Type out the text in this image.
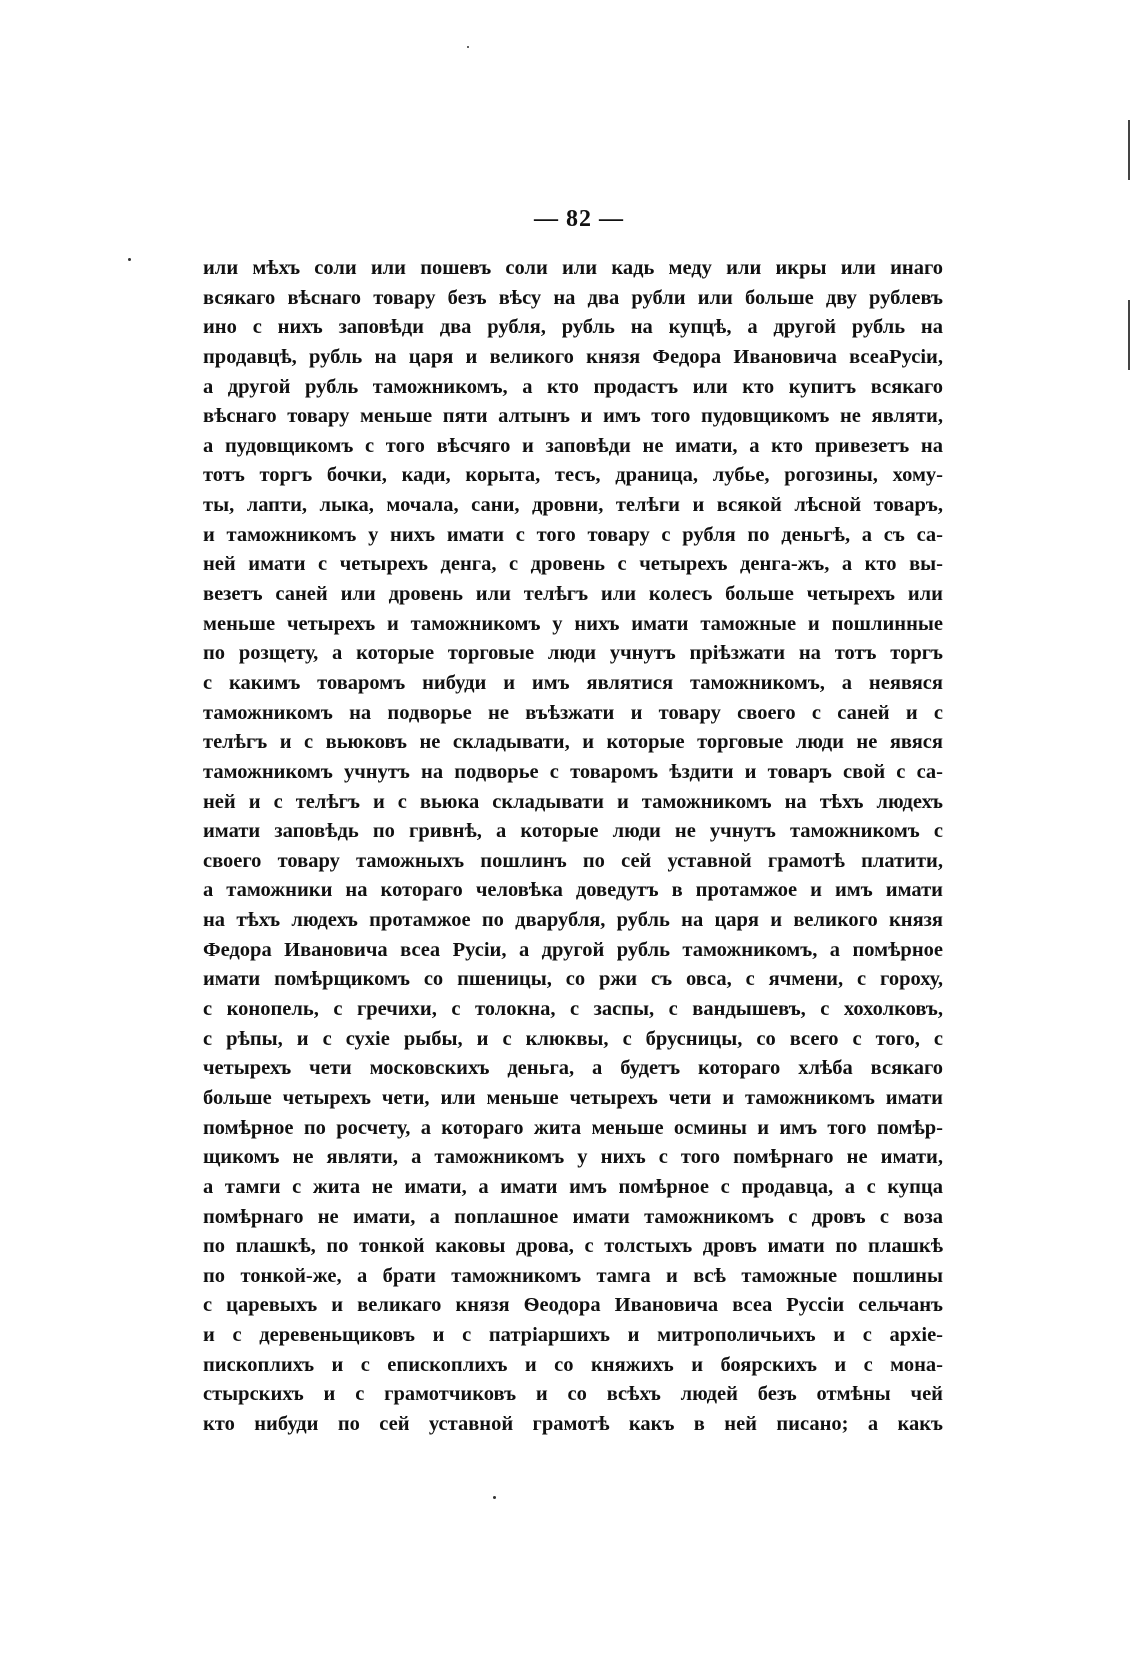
— 82 —
или мѣхъ соли или пошевъ соли или кадь меду или икры или инаго
всякаго вѣснаго товару безъ вѣсу на два рубли или больше дву рублевъ
ино с нихъ заповѣди два рубля, рубль на купцѣ, а другой рубль на
продавцѣ, рубль на царя и великого князя Федора Ивановича всеаРусіи,
а другой рубль таможникомъ, а кто продастъ или кто купитъ всякаго
вѣснаго товару меньше пяти алтынъ и имъ того пудовщикомъ не являти,
а пудовщикомъ с того вѣсчяго и заповѣди не имати, а кто привезетъ на
тотъ торгъ бочки, кади, корыта, тесъ, драница, лубье, рогозины, хому-
ты, лапти, лыка, мочала, сани, дровни, телѣги и всякой лѣсной товаръ,
и таможникомъ у нихъ имати с того товару с рубля по деньгѣ, а съ са-
ней имати с четырехъ денга, с дровень с четырехъ денга-жъ, а кто вы-
везетъ саней или дровень или телѣгъ или колесъ больше четырехъ или
меньше четырехъ и таможникомъ у нихъ имати таможные и пошлинные
по розщету, а которые торговые люди учнутъ пріѣзжати на тотъ торгъ
с какимъ товаромъ нибуди и имъ являтися таможникомъ, а неявяся
таможникомъ на подворье не въѣзжати и товару своего с саней и с
телѣгъ и с вьюковъ не складывати, и которые торговые люди не явяся
таможникомъ учнутъ на подворье с товаромъ ѣздити и товаръ свой с са-
ней и с телѣгъ и с вьюка складывати и таможникомъ на тѣхъ людехъ
имати заповѣдь по гривнѣ, а которые люди не учнутъ таможникомъ с
своего товару таможныхъ пошлинъ по сей уставной грамотѣ платити,
а таможники на котораго человѣка доведутъ в протамжое и имъ имати
на тѣхъ людехъ протамжое по дварубля, рубль на царя и великого князя
Федора Ивановича всеа Русіи, а другой рубль таможникомъ, а помѣрное
имати помѣрщикомъ со пшеницы, со ржи съ овса, с ячмени, с гороху,
с конопель, с гречихи, с толокна, с заспы, с вандышевъ, с хохолковъ,
с рѣпы, и с сухіе рыбы, и с клюквы, с брусницы, со всего с того, с
четырехъ чети московскихъ деньга, а будетъ котораго хлѣба всякаго
больше четырехъ чети, или меньше четырехъ чети и таможникомъ имати
помѣрное по росчету, а котораго жита меньше осмины и имъ того помѣр-
щикомъ не являти, а таможникомъ у нихъ с того помѣрнаго не имати,
а тамги с жита не имати, а имати имъ помѣрное с продавца, а с купца
помѣрнаго не имати, а поплашное имати таможникомъ с дровъ с воза
по плашкѣ, по тонкой каковы дрова, с толстыхъ дровъ имати по плашкѣ
по тонкой-же, а брати таможникомъ тамга и всѣ таможные пошлины
с царевыхъ и великаго князя Ѳеодора Ивановича всеа Руссіи сельчанъ
и с деревеньщиковъ и с патріаршихъ и митрополичьихъ и с архіе-
пископлихъ и с епископлихъ и со княжихъ и боярскихъ и с мона-
стырскихъ и с грамотчиковъ и со всѣхъ людей безъ отмѣны чей
кто нибуди по сей уставной грамотѣ какъ в ней писано; а какъ
